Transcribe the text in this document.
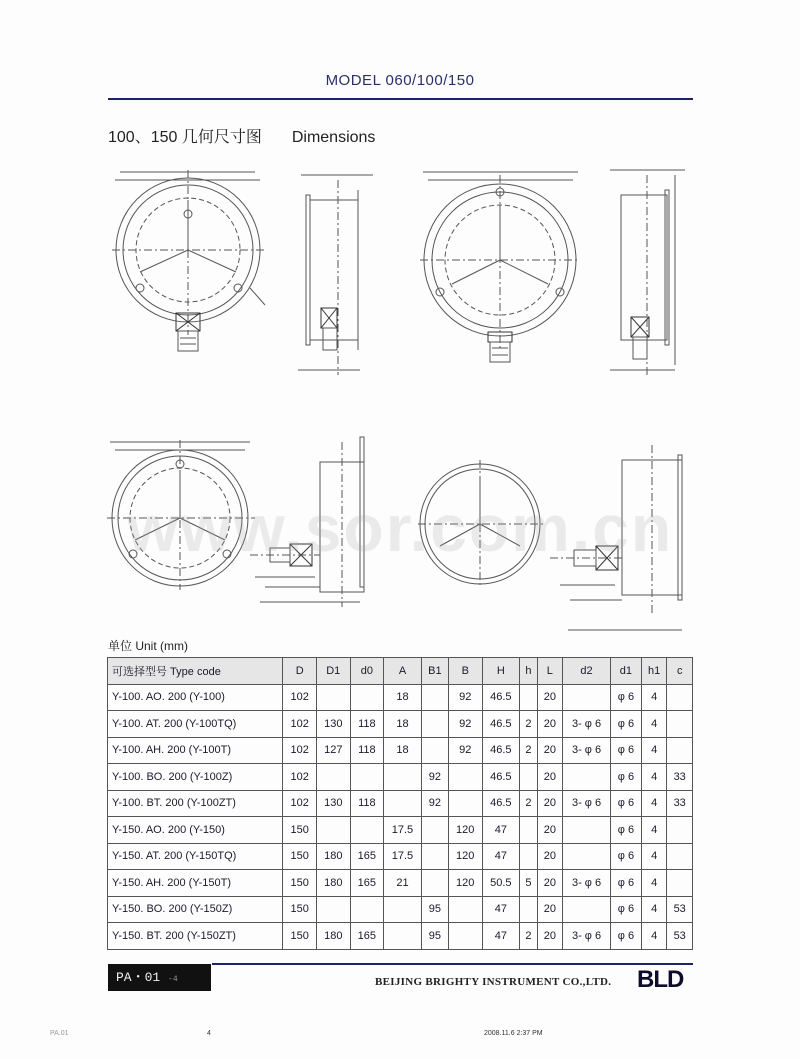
MODEL 060/100/150
100、150 几何尺寸图 Dimensions
www.sor.com.cn
单位 Unit (mm)
可选择型号 Type code	D	D1	d0	A	B1	B	H	h	L	d2	d1	h1	c
Y-100. AO. 200 (Y-100)	102			18		92	46.5		20		φ 6	4	
Y-100. AT. 200 (Y-100TQ)	102	130	118	18		92	46.5	2	20	3- φ 6	φ 6	4	
Y-100. AH. 200 (Y-100T)	102	127	118	18		92	46.5	2	20	3- φ 6	φ 6	4	
Y-100. BO. 200 (Y-100Z)	102				92		46.5		20		φ 6	4	33
Y-100. BT. 200 (Y-100ZT)	102	130	118		92		46.5	2	20	3- φ 6	φ 6	4	33
Y-150. AO. 200 (Y-150)	150			17.5		120	47		20		φ 6	4	
Y-150. AT. 200 (Y-150TQ)	150	180	165	17.5		120	47		20		φ 6	4	
Y-150. AH. 200 (Y-150T)	150	180	165	21		120	50.5	5	20	3- φ 6	φ 6	4	
Y-150. BO. 200 (Y-150Z)	150				95		47		20		φ 6	4	53
Y-150. BT. 200 (Y-150ZT)	150	180	165		95		47	2	20	3- φ 6	φ 6	4	53
PA・01 -4	BEIJING BRIGHTY INSTRUMENT CO.,LTD. BLD
PA.01	4	2008.11.6 2:37 PM
